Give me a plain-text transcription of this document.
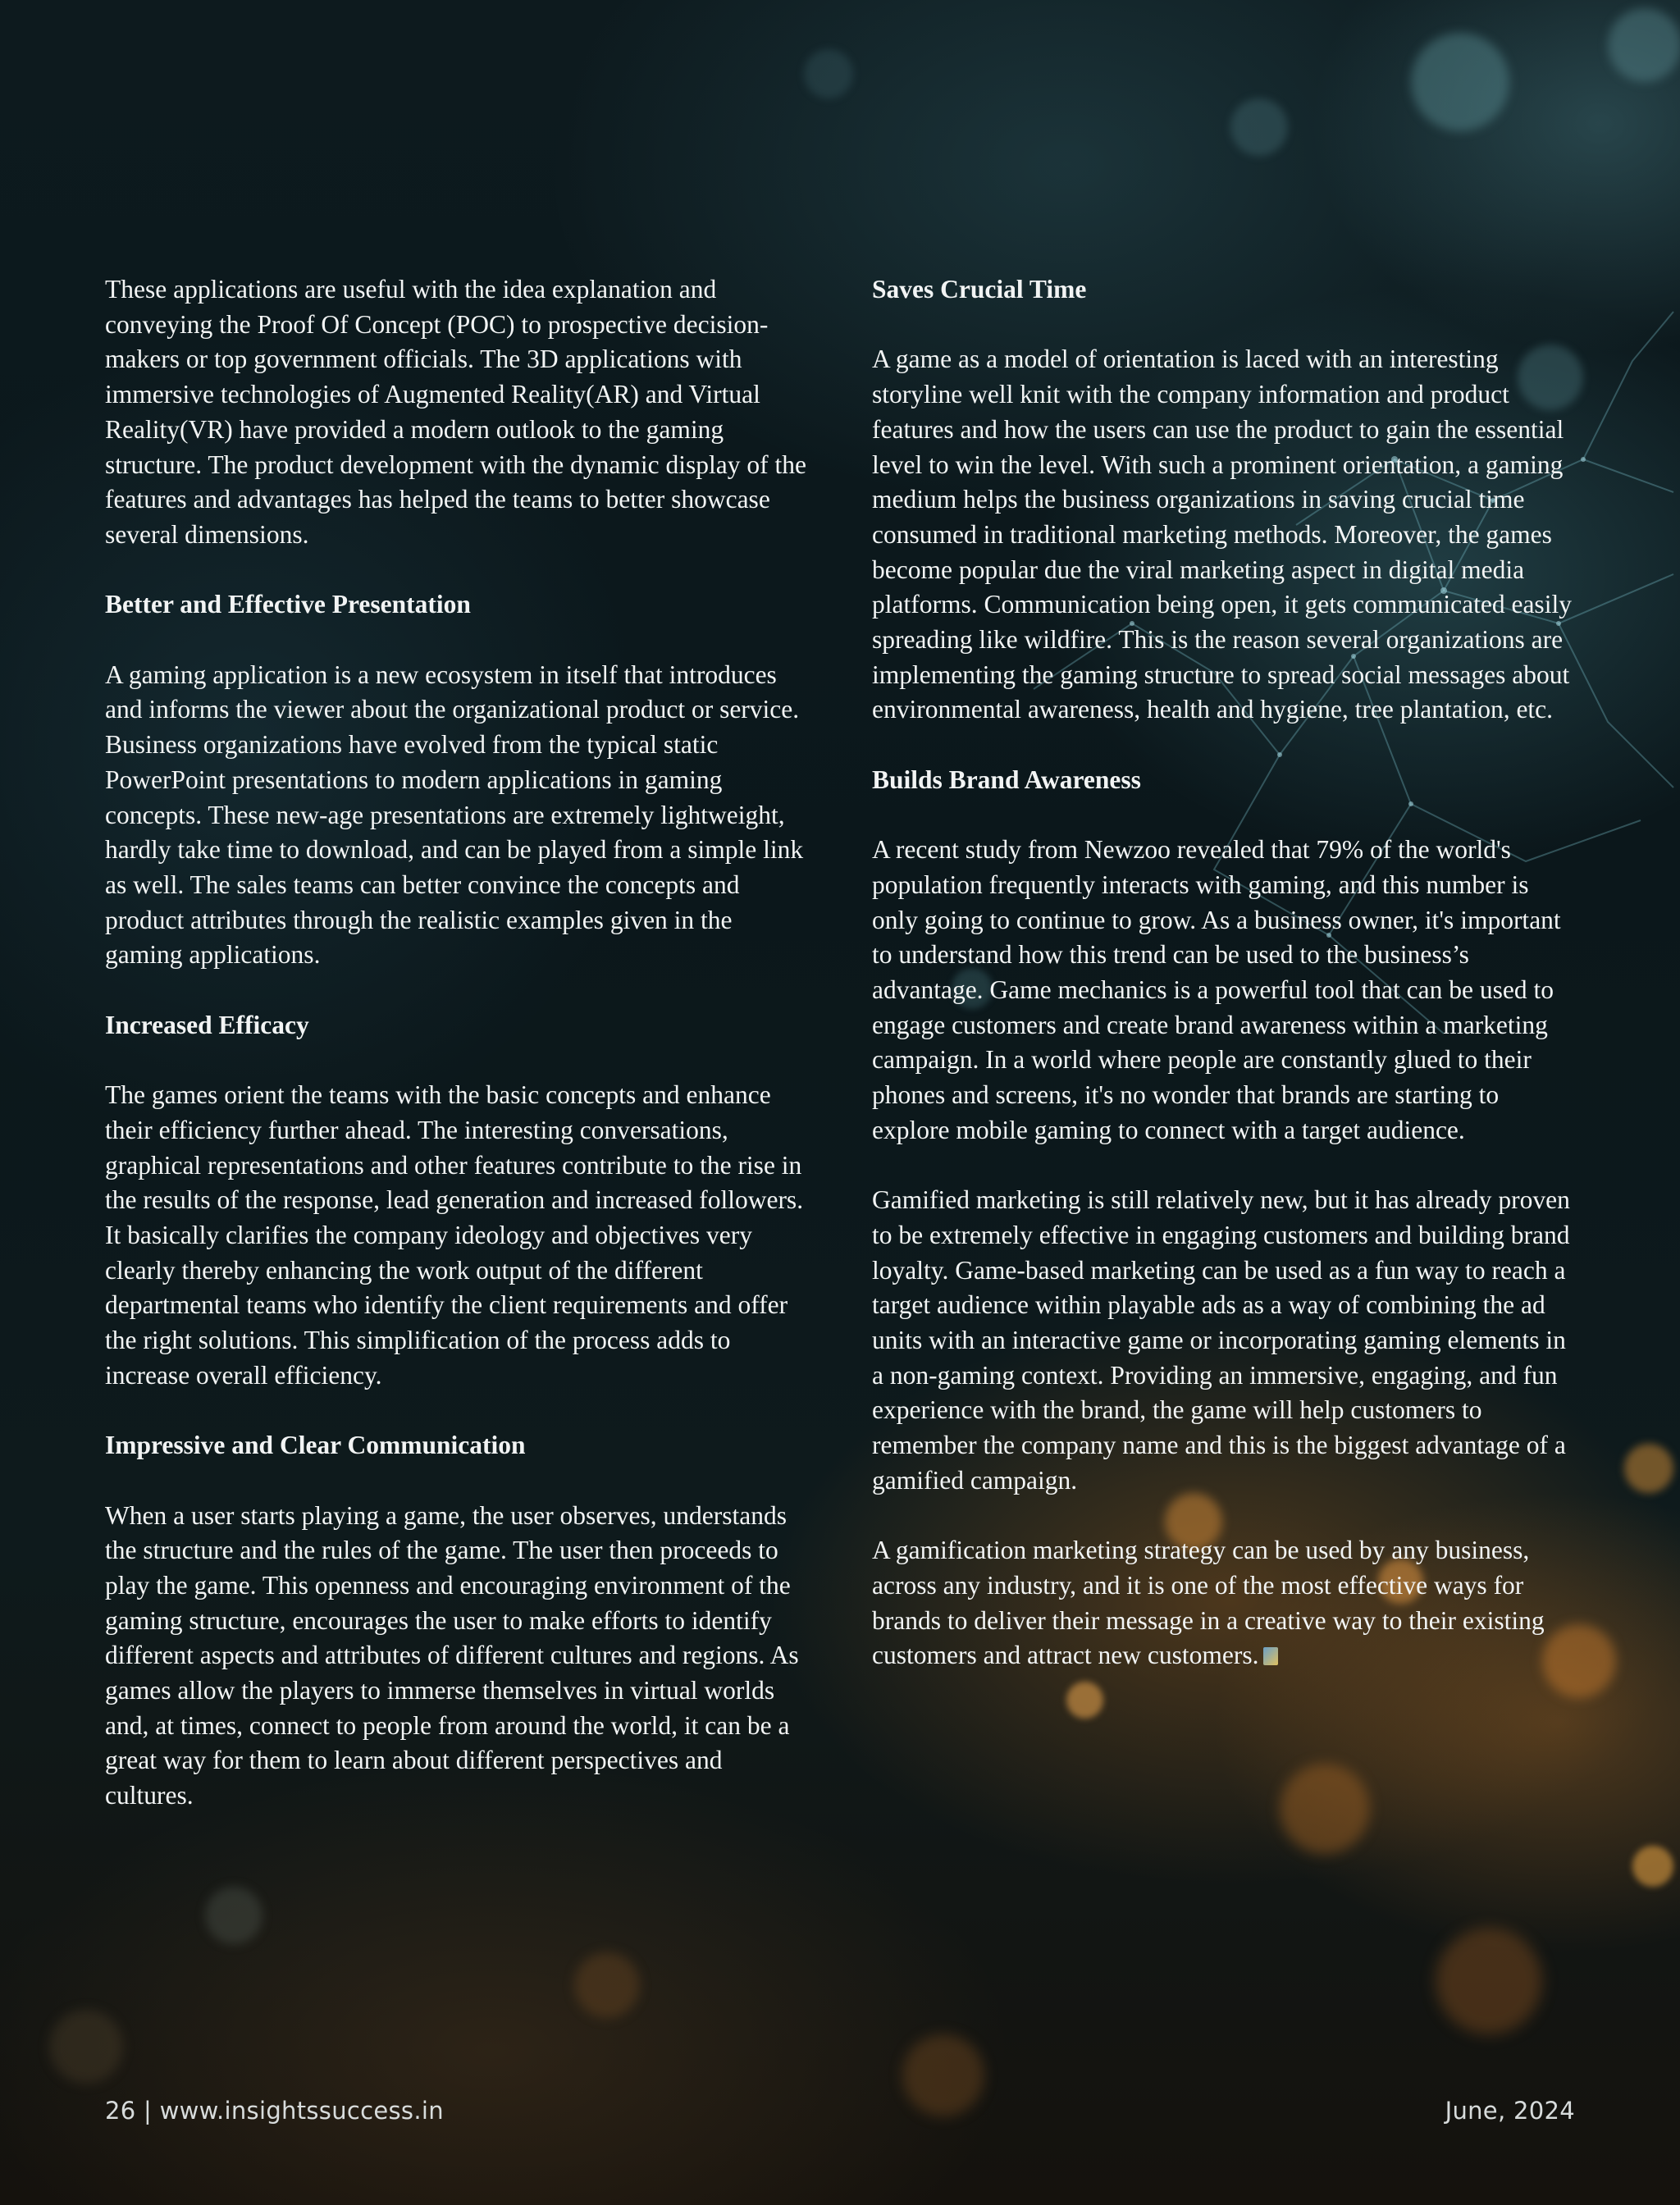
These applications are useful with the idea explanation and conveying the Proof Of Concept (POC) to prospective decision-makers or top government officials. The 3D applications with immersive technologies of Augmented Reality(AR) and Virtual Reality(VR) have provided a modern outlook to the gaming structure. The product development with the dynamic display of the features and advantages has helped the teams to better showcase several dimensions.

Better and Effective Presentation

A gaming application is a new ecosystem in itself that introduces and informs the viewer about the organizational product or service. Business organizations have evolved from the typical static PowerPoint presentations to modern applications in gaming concepts. These new-age presentations are extremely lightweight, hardly take time to download, and can be played from a simple link as well. The sales teams can better convince the concepts and product attributes through the realistic examples given in the gaming applications.

Increased Efficacy

The games orient the teams with the basic concepts and enhance their efficiency further ahead. The interesting conversations, graphical representations and other features contribute to the rise in the results of the response, lead generation and increased followers. It basically clarifies the company ideology and objectives very clearly thereby enhancing the work output of the different departmental teams who identify the client requirements and offer the right solutions. This simplification of the process adds to increase overall efficiency.

Impressive and Clear Communication

When a user starts playing a game, the user observes, understands the structure and the rules of the game. The user then proceeds to play the game. This openness and encouraging environment of the gaming structure, encourages the user to make efforts to identify different aspects and attributes of different cultures and regions. As games allow the players to immerse themselves in virtual worlds and, at times, connect to people from around the world, it can be a great way for them to learn about different perspectives and cultures.

Saves Crucial Time

A game as a model of orientation is laced with an interesting storyline well knit with the company information and product features and how the users can use the product to gain the essential level to win the level. With such a prominent orientation, a gaming medium helps the business organizations in saving crucial time consumed in traditional marketing methods. Moreover, the games become popular due the viral marketing aspect in digital media platforms. Communication being open, it gets communicated easily spreading like wildfire. This is the reason several organizations are implementing the gaming structure to spread social messages about environmental awareness, health and hygiene, tree plantation, etc.

Builds Brand Awareness

A recent study from Newzoo revealed that 79% of the world's population frequently interacts with gaming, and this number is only going to continue to grow. As a business owner, it's important to understand how this trend can be used to the business’s advantage. Game mechanics is a powerful tool that can be used to engage customers and create brand awareness within a marketing campaign. In a world where people are constantly glued to their phones and screens, it's no wonder that brands are starting to explore mobile gaming to connect with a target audience.

Gamified marketing is still relatively new, but it has already proven to be extremely effective in engaging customers and building brand loyalty. Game-based marketing can be used as a fun way to reach a target audience within playable ads as a way of combining the ad units with an interactive game or incorporating gaming elements in a non-gaming context. Providing an immersive, engaging, and fun experience with the brand, the game will help customers to remember the company name and this is the biggest advantage of a gamified campaign.

A gamification marketing strategy can be used by any business, across any industry, and it is one of the most effective ways for brands to deliver their message in a creative way to their existing customers and attract new customers.

26 | www.insightssuccess.in	June, 2024
